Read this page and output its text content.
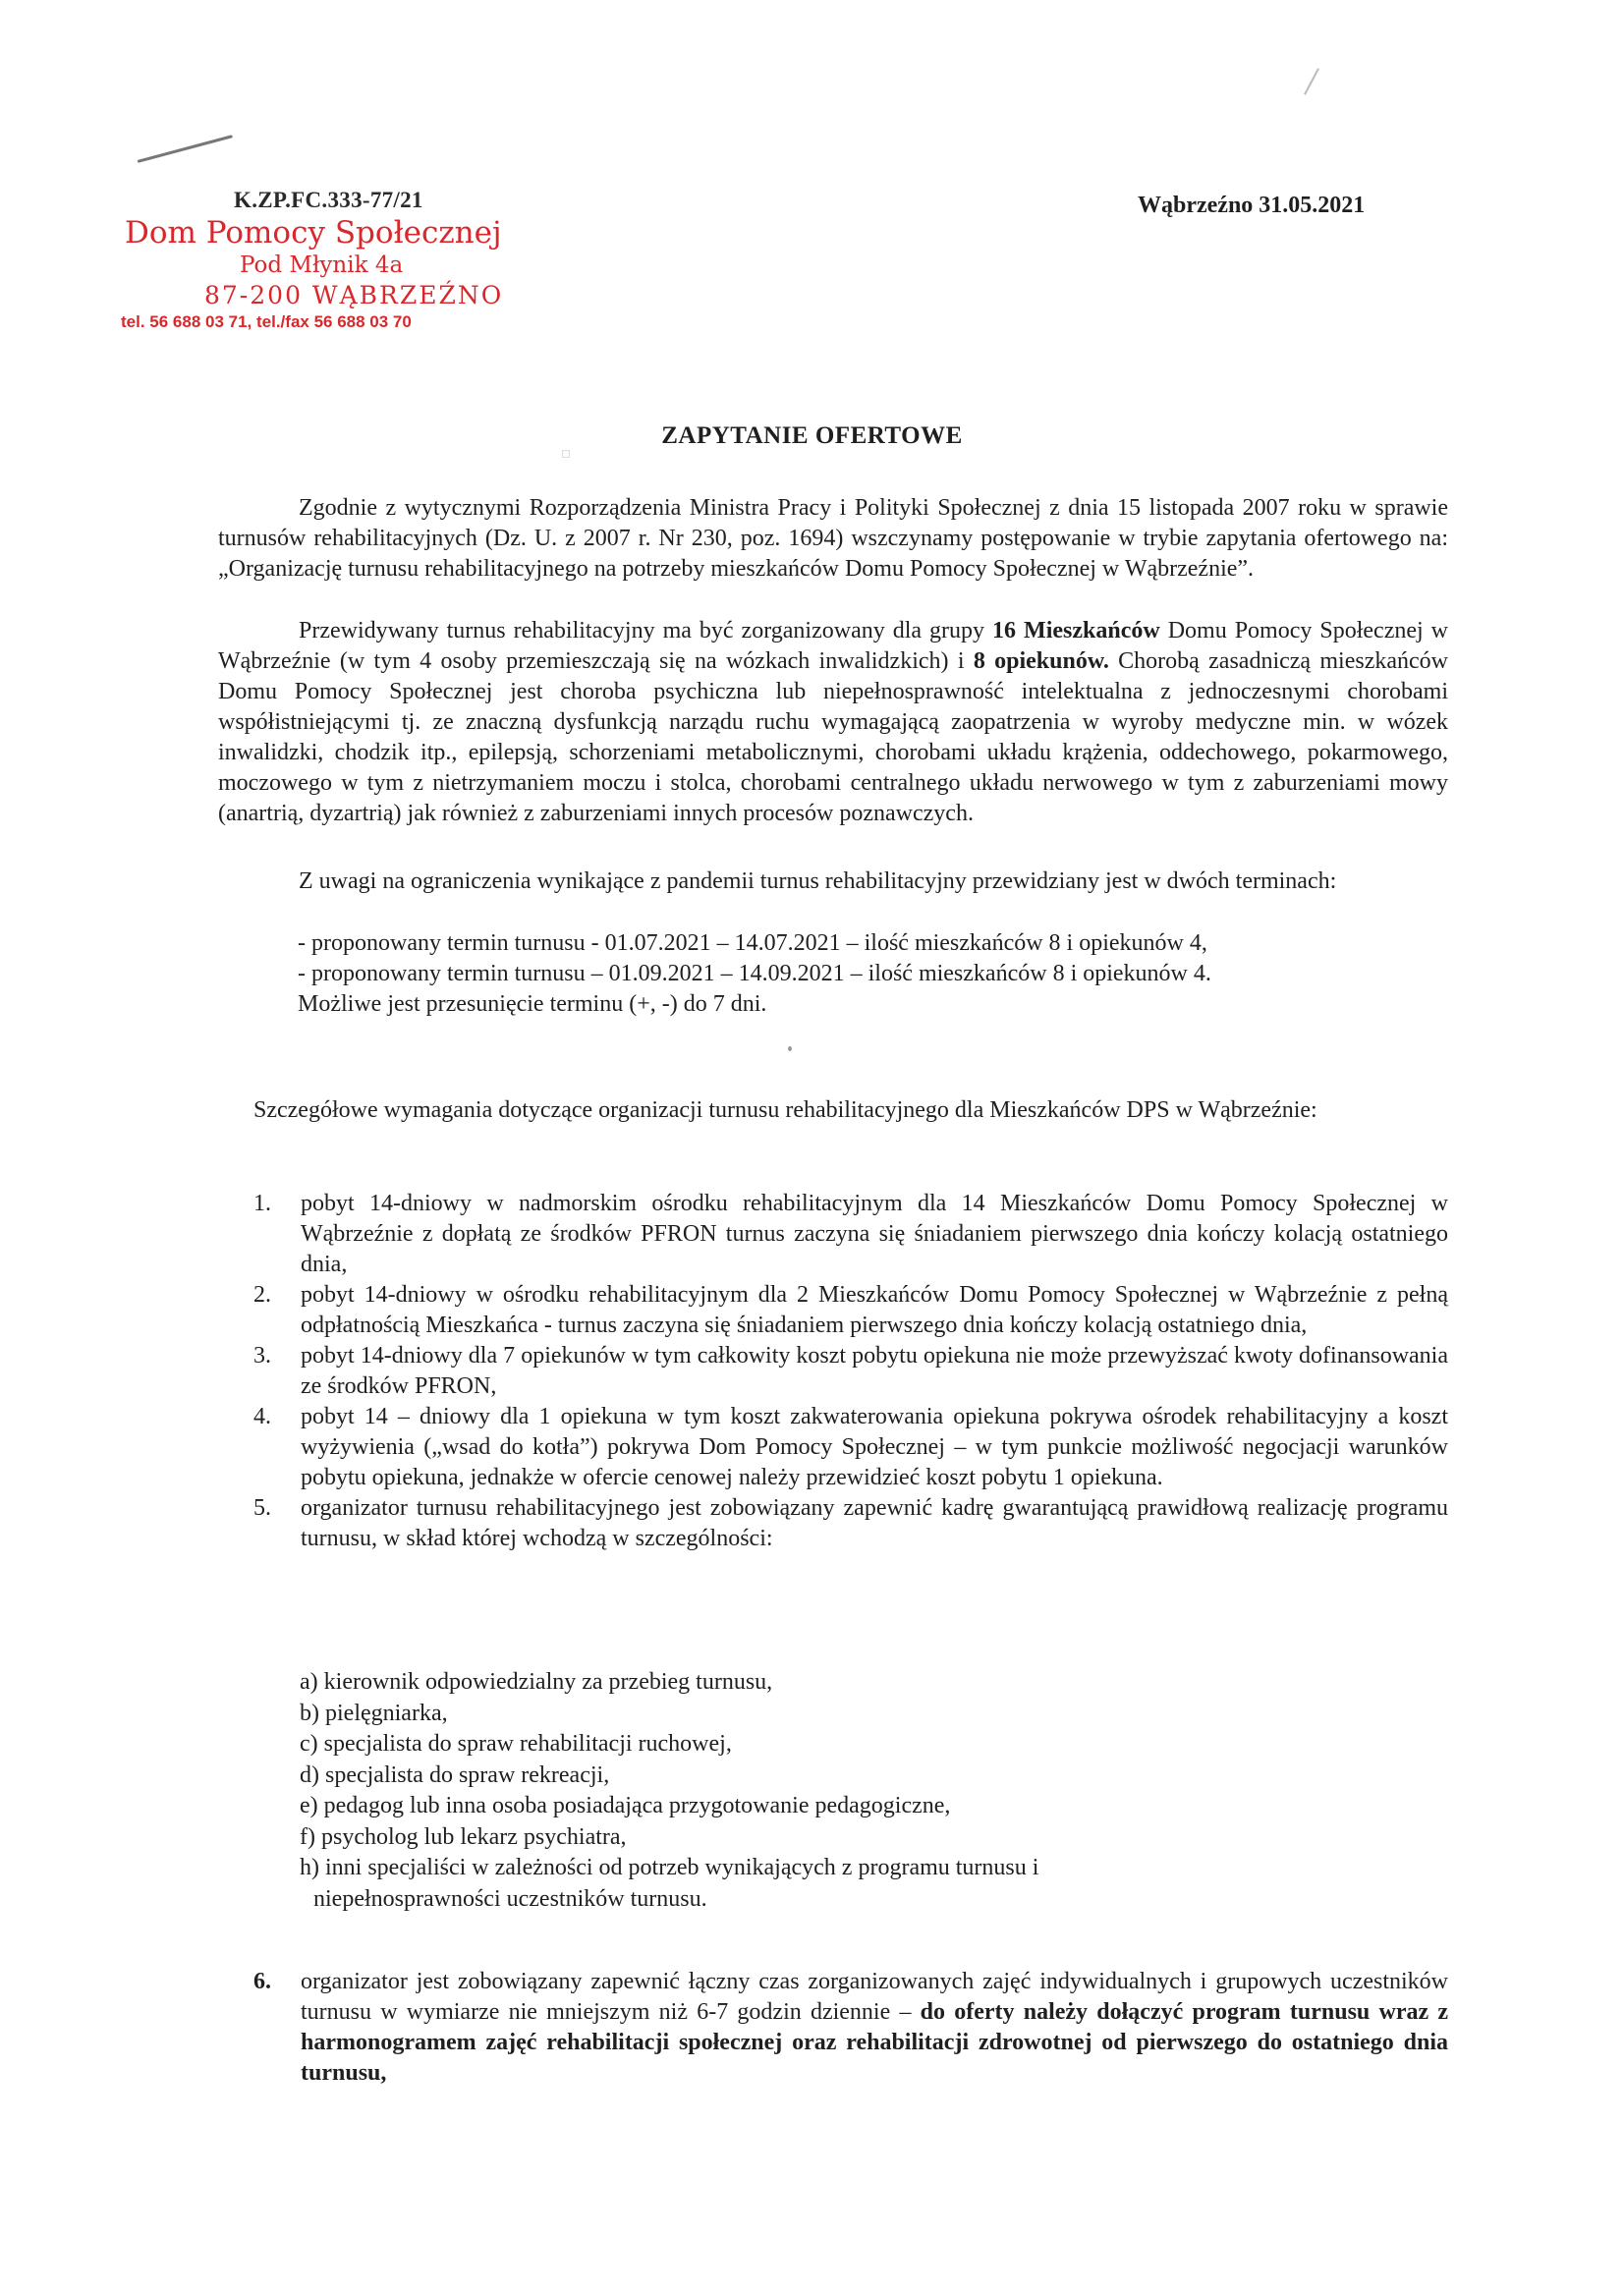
K.ZP.FC.333-77/21
Dom Pomocy Społecznej
Pod Młynik 4a
87-200 WĄBRZEŹNO
tel. 56 688 03 71, tel./fax 56 688 03 70
Wąbrzeźno 31.05.2021
ZAPYTANIE OFERTOWE
Zgodnie z wytycznymi Rozporządzenia Ministra Pracy i Polityki Społecznej z dnia 15 listopada 2007 roku w sprawie turnusów rehabilitacyjnych (Dz. U. z 2007 r. Nr 230, poz. 1694) wszczynamy postępowanie w trybie zapytania ofertowego na: „Organizację turnusu rehabilitacyjnego na potrzeby mieszkańców Domu Pomocy Społecznej w Wąbrzeźnie”.
Przewidywany turnus rehabilitacyjny ma być zorganizowany dla grupy 16 Mieszkańców Domu Pomocy Społecznej w Wąbrzeźnie (w tym 4 osoby przemieszczają się na wózkach inwalidzkich) i 8 opiekunów. Chorobą zasadniczą mieszkańców Domu Pomocy Społecznej jest choroba psychiczna lub niepełnosprawność intelektualna z jednoczesnymi chorobami współistniejącymi tj. ze znaczną dysfunkcją narządu ruchu wymagającą zaopatrzenia w wyroby medyczne min. w wózek inwalidzki, chodzik itp., epilepsją, schorzeniami metabolicznymi, chorobami układu krążenia, oddechowego, pokarmowego, moczowego w tym z nietrzymaniem moczu i stolca, chorobami centralnego układu nerwowego w tym z zaburzeniami mowy (anartrią, dyzartrią) jak również z zaburzeniami innych procesów poznawczych.
Z uwagi na ograniczenia wynikające z pandemii turnus rehabilitacyjny przewidziany jest w dwóch terminach:
- proponowany termin turnusu - 01.07.2021 – 14.07.2021 – ilość mieszkańców 8 i opiekunów 4,
- proponowany termin turnusu – 01.09.2021 – 14.09.2021 – ilość mieszkańców 8 i opiekunów 4.
Możliwe jest przesunięcie terminu (+, -) do 7 dni.
Szczegółowe wymagania dotyczące organizacji turnusu rehabilitacyjnego dla Mieszkańców DPS w Wąbrzeźnie:
1.	pobyt 14-dniowy w nadmorskim ośrodku rehabilitacyjnym dla 14 Mieszkańców Domu Pomocy Społecznej w Wąbrzeźnie z dopłatą ze środków PFRON turnus zaczyna się śniadaniem pierwszego dnia kończy kolacją ostatniego dnia,
2.	pobyt 14-dniowy w ośrodku rehabilitacyjnym dla 2 Mieszkańców Domu Pomocy Społecznej w Wąbrzeźnie z pełną odpłatnością Mieszkańca - turnus zaczyna się śniadaniem pierwszego dnia kończy kolacją ostatniego dnia,
3.	pobyt 14-dniowy dla 7 opiekunów w tym całkowity koszt pobytu opiekuna nie może przewyższać kwoty dofinansowania ze środków PFRON,
4.	pobyt 14 – dniowy dla 1 opiekuna w tym koszt zakwaterowania opiekuna pokrywa ośrodek rehabilitacyjny a koszt wyżywienia („wsad do kotła”) pokrywa Dom Pomocy Społecznej – w tym punkcie możliwość negocjacji warunków pobytu opiekuna, jednakże w ofercie cenowej należy przewidzieć koszt pobytu 1 opiekuna.
5.	organizator turnusu rehabilitacyjnego jest zobowiązany zapewnić kadrę gwarantującą prawidłową realizację programu turnusu, w skład której wchodzą w szczególności:
a) kierownik odpowiedzialny za przebieg turnusu,
b) pielęgniarka,
c) specjalista do spraw rehabilitacji ruchowej,
d) specjalista do spraw rekreacji,
e) pedagog lub inna osoba posiadająca przygotowanie pedagogiczne,
f) psycholog lub lekarz psychiatra,
h) inni specjaliści w zależności od potrzeb wynikających z programu turnusu i
niepełnosprawności uczestników turnusu.
6.	organizator jest zobowiązany zapewnić łączny czas zorganizowanych zajęć indywidualnych i grupowych uczestników turnusu w wymiarze nie mniejszym niż 6-7 godzin dziennie – do oferty należy dołączyć program turnusu wraz z harmonogramem zajęć rehabilitacji społecznej oraz rehabilitacji zdrowotnej od pierwszego do ostatniego dnia turnusu,
